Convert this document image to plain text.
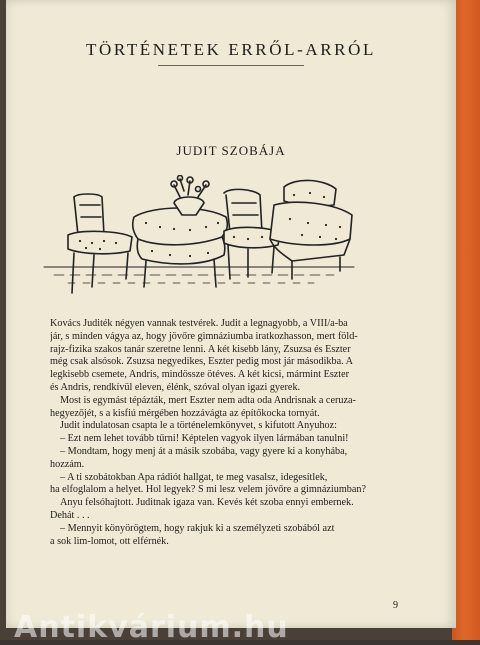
TÖRTÉNETEK ERRŐL-ARRÓL
JUDIT SZOBÁJA
Kovács Juditék négyen vannak testvérek. Judit a legnagyobb, a VIII/a-ba
jár, s minden vágya az, hogy jövőre gimnáziumba iratkozhasson, mert föld-
rajz-fizika szakos tanár szeretne lenni. A két kisebb lány, Zsuzsa és Eszter
még csak alsósok. Zsuzsa negyedikes, Eszter pedig most jár másodikba. A
legkisebb csemete, Andris, mindössze ötéves. A két kicsi, mármint Eszter
és Andris, rendkívül eleven, élénk, szóval olyan igazi gyerek.
Most is egymást tépázták, mert Eszter nem adta oda Andrisnak a ceruza-
hegyezőjét, s a kisfiú mérgében hozzávágta az építőkocka tornyát.
Judit indulatosan csapta le a történelemkönyvet, s kifutott Anyuhoz:
– Ezt nem lehet tovább tűrni! Képtelen vagyok ilyen lármában tanulni!
– Mondtam, hogy menj át a másik szobába, vagy gyere ki a konyhába,
hozzám.
– A ti szobátokban Apa rádiót hallgat, te meg vasalsz, idegesítlek,
ha elfoglalom a helyet. Hol legyek? S mi lesz velem jövőre a gimnáziumban?
Anyu felsóhajtott. Juditnak igaza van. Kevés két szoba ennyi embernek.
Dehát . . .
– Mennyit könyörögtem, hogy rakjuk ki a személyzeti szobából azt
a sok lim-lomot, ott elférnék.
9
Antikvárium.hu
